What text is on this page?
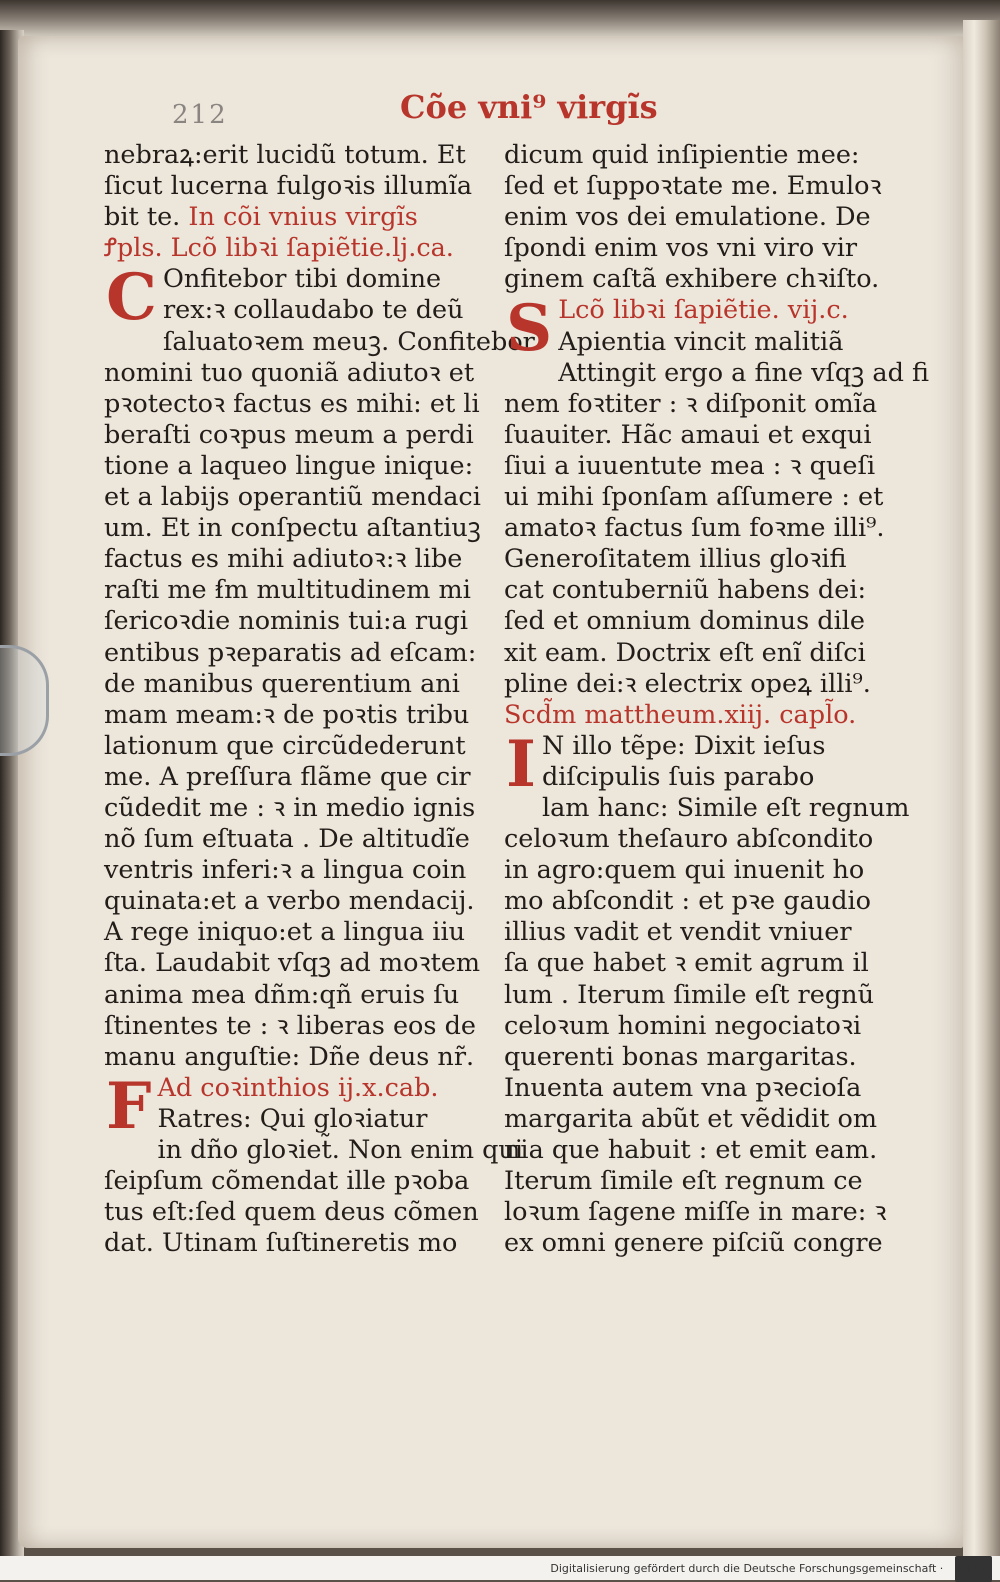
212	Cõe vni⁹ virgĩs
nebraꝝ:erit lucidũ totum. Et
ſicut lucerna fulgoꝛis illumĩa
bit te. In cõi vnius virgĩs
Ꝭpls. Lcõ libꝛi ſapiẽtie.lj.ca.
C Onfitebor tibi domine
rex:ꝛ collaudabo te deũ
ſaluatoꝛem meuꝫ. Confitebor
nomini tuo quoniã adiutoꝛ et
pꝛotectoꝛ factus es mihi: et li
beraſti coꝛpus meum a perdi
tione a laqueo lingue inique:
et a labijs operantiũ mendaci
um. Et in conſpectu aſtantiuꝫ
factus es mihi adiutoꝛ:ꝛ libe
raſti me ẜm multitudinem mi
ſericoꝛdie nominis tui:a rugi
entibus pꝛeparatis ad eſcam:
de manibus querentium ani
mam meam:ꝛ de poꝛtis tribu
lationum que circũdederunt
me. A preſſura flãme que cir
cũdedit me : ꝛ in medio ignis
nõ ſum eſtuata . De altitudĩe
ventris inferi:ꝛ a lingua coin
quinata:et a verbo mendacij.
A rege iniquo:et a lingua iiu
ſta. Laudabit vſqꝫ ad moꝛtem
anima mea dñm:qñ eruis ſu
ſtinentes te : ꝛ liberas eos de
manu anguſtie: Dñe deus nr̃.
F Ad coꝛinthios ij.x.cab.
Ratres: Qui gloꝛiatur
in dño gloꝛiet̃. Non enim qui
ſeipſum cõmendat ille pꝛoba
tus eſt:ſed quem deus cõmen
dat. Utinam ſuſtineretis mo
dicum quid inſipientie mee:
ſed et ſuppoꝛtate me. Emuloꝛ
enim vos dei emulatione. De
ſpondi enim vos vni viro vir
ginem caſtã exhibere chꝛiſto.
S Lcõ libꝛi ſapiẽtie. vij.c.
Apientia vincit malitiã
Attingit ergo a fine vſqꝫ ad fi
nem foꝛtiter : ꝛ diſponit omĩa
ſuauiter. Hãc amaui et exqui
ſiui a iuuentute mea : ꝛ queſi
ui mihi ſponſam aſſumere : et
amatoꝛ factus ſum foꝛme illi⁹.
Generoſitatem illius gloꝛifi
cat contuberniũ habens dei:
ſed et omnium dominus dile
xit eam. Doctrix eſt enĩ diſci
pline dei:ꝛ electrix opeꝝ illi⁹.
Scd̃m mattheum.xiij. capl̃o.
I N illo tẽpe: Dixit ieſus
diſcipulis ſuis parabo
lam hanc: Simile eſt regnum
celoꝛum theſauro abſcondito
in agro:quem qui inuenit ho
mo abſcondit : et pꝛe gaudio
illius vadit et vendit vniuer
ſa que habet ꝛ emit agrum il
lum . Iterum ſimile eſt regnũ
celoꝛum homini negociatoꝛi
querenti bonas margaritas.
Inuenta autem vna pꝛecioſa
margarita abũt et vẽdidit om
nia que habuit : et emit eam.
Iterum ſimile eſt regnum ce
loꝛum ſagene miſſe in mare: ꝛ
ex omni genere piſciũ congre
Digitalisierung gefördert durch die Deutsche Forschungsgemeinschaft · DFG
